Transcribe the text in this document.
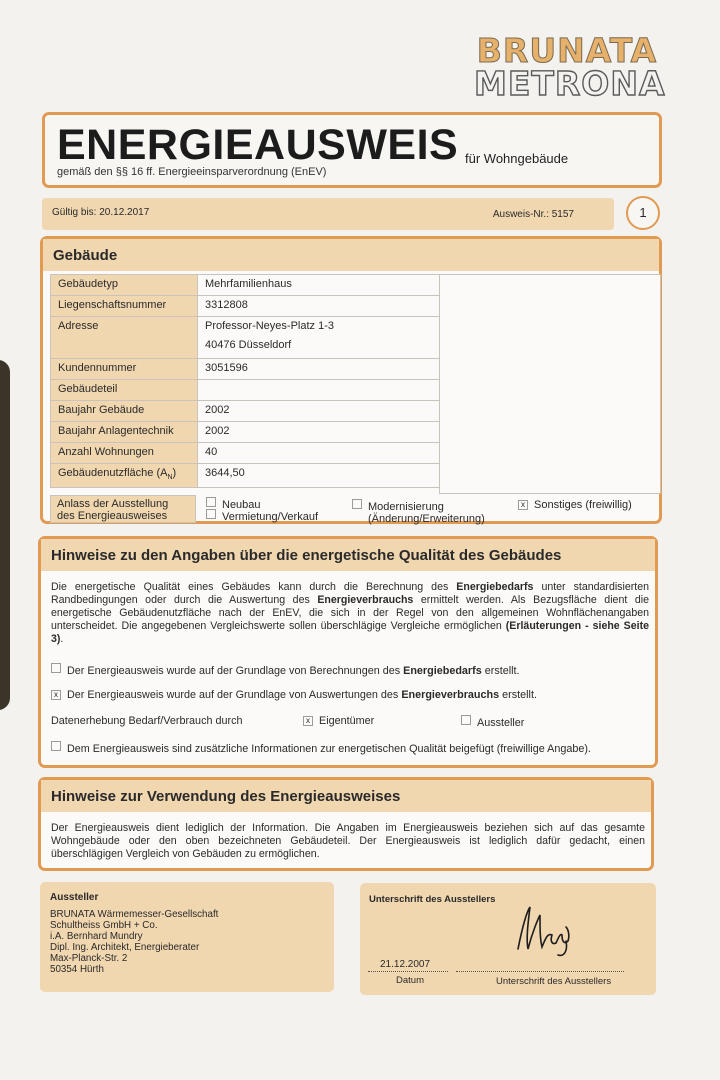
BRUNATA
METRONA
ENERGIEAUSWEIS für Wohngebäude
gemäß den §§ 16 ff. Energieeinsparverordnung (EnEV)
Gültig bis: 20.12.2017	Ausweis-Nr.: 5157	1
Gebäude
Gebäudetyp	Mehrfamilienhaus
Liegenschaftsnummer	3312808
Adresse	Professor-Neyes-Platz 1-3
40476 Düsseldorf

Kundennummer	3051596
Gebäudeteil	
Baujahr Gebäude	2002
Baujahr Anlagentechnik	2002
Anzahl Wohnungen	40
Gebäudenutzfläche $(A_N)$	3644,50
Anlass der Ausstellung
des Energieausweises
Neubau
Vermietung/Verkauf
Modernisierung
(Änderung/Erweiterung)
x Sonstiges (freiwillig)
Hinweise zu den Angaben über die energetische Qualität des Gebäudes
Die energetische Qualität eines Gebäudes kann durch die Berechnung des Energiebedarfs unter standardisierten Randbedingungen oder durch die Auswertung des Energieverbrauchs ermittelt werden. Als Bezugsfläche dient die energetische Gebäudenutzfläche nach der EnEV, die sich in der Regel von den allgemeinen Wohnflächenangaben unterscheidet. Die angegebenen Vergleichswerte sollen überschlägige Vergleiche ermöglichen (Erläuterungen - siehe Seite 3).
Der Energieausweis wurde auf der Grundlage von Berechnungen des Energiebedarfs erstellt.
x Der Energieausweis wurde auf der Grundlage von Auswertungen des Energieverbrauchs erstellt.
Datenerhebung Bedarf/Verbrauch durch	x Eigentümer	Aussteller
Dem Energieausweis sind zusätzliche Informationen zur energetischen Qualität beigefügt (freiwillige Angabe).
Hinweise zur Verwendung des Energieausweises
Der Energieausweis dient lediglich der Information. Die Angaben im Energieausweis beziehen sich auf das gesamte Wohngebäude oder den oben bezeichneten Gebäudeteil. Der Energieausweis ist lediglich dafür gedacht, einen überschlägigen Vergleich von Gebäuden zu ermöglichen.
Aussteller
BRUNATA Wärmemesser-Gesellschaft
Schultheiss GmbH + Co.
i.A. Bernhard Mundry
Dipl. Ing. Architekt, Energieberater
Max-Planck-Str. 2
50354 Hürth
Unterschrift des Ausstellers
21.12.2007
Datum	Unterschrift des Ausstellers
